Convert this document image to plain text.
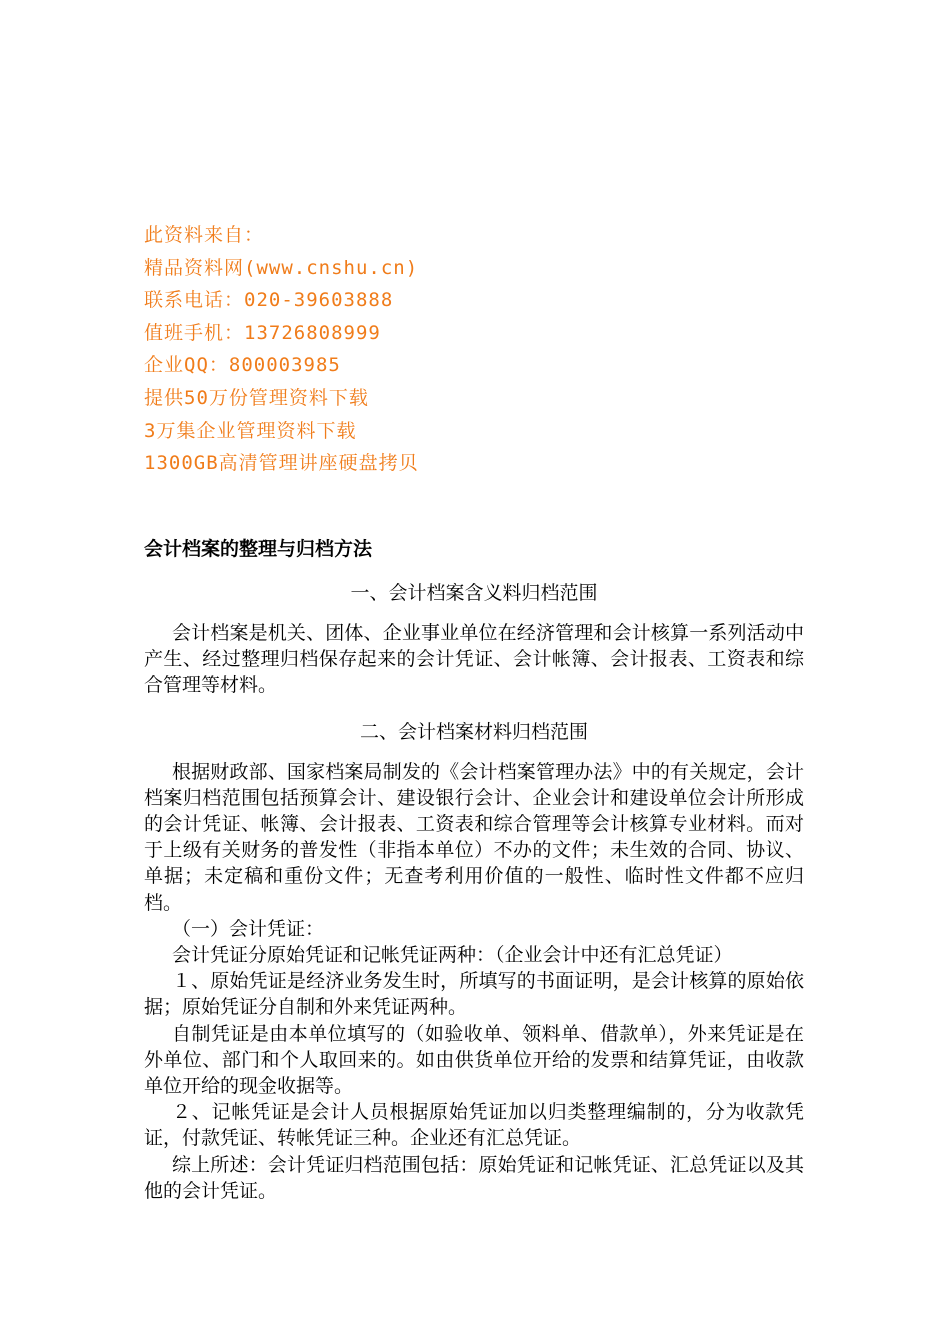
此资料来自：
精品资料网(www.cnshu.cn)
联系电话：020-39603888
值班手机：13726808999
企业QQ：800003985
提供50万份管理资料下载
3万集企业管理资料下载
1300GB高清管理讲座硬盘拷贝
会计档案的整理与归档方法
一、会计档案含义料归档范围

会计档案是机关、团体、企业事业单位在经济管理和会计核算一系列活动中产生、经过整理归档保存起来的会计凭证、会计帐簿、会计报表、工资表和综合管理等材料。

二、会计档案材料归档范围

根据财政部、国家档案局制发的《会计档案管理办法》中的有关规定，会计档案归档范围包括预算会计、建设银行会计、企业会计和建设单位会计所形成的会计凭证、帐簿、会计报表、工资表和综合管理等会计核算专业材料。而对于上级有关财务的普发性（非指本单位）不办的文件；未生效的合同、协议、单据；未定稿和重份文件；无查考利用价值的一般性、临时性文件都不应归档。

（一）会计凭证：

会计凭证分原始凭证和记帐凭证两种：（企业会计中还有汇总凭证）

１、原始凭证是经济业务发生时，所填写的书面证明，是会计核算的原始依据；原始凭证分自制和外来凭证两种。

自制凭证是由本单位填写的（如验收单、领料单、借款单），外来凭证是在外单位、部门和个人取回来的。如由供货单位开给的发票和结算凭证，由收款单位开给的现金收据等。

２、记帐凭证是会计人员根据原始凭证加以归类整理编制的，分为收款凭证，付款凭证、转帐凭证三种。企业还有汇总凭证。

综上所述：会计凭证归档范围包括：原始凭证和记帐凭证、汇总凭证以及其他的会计凭证。
